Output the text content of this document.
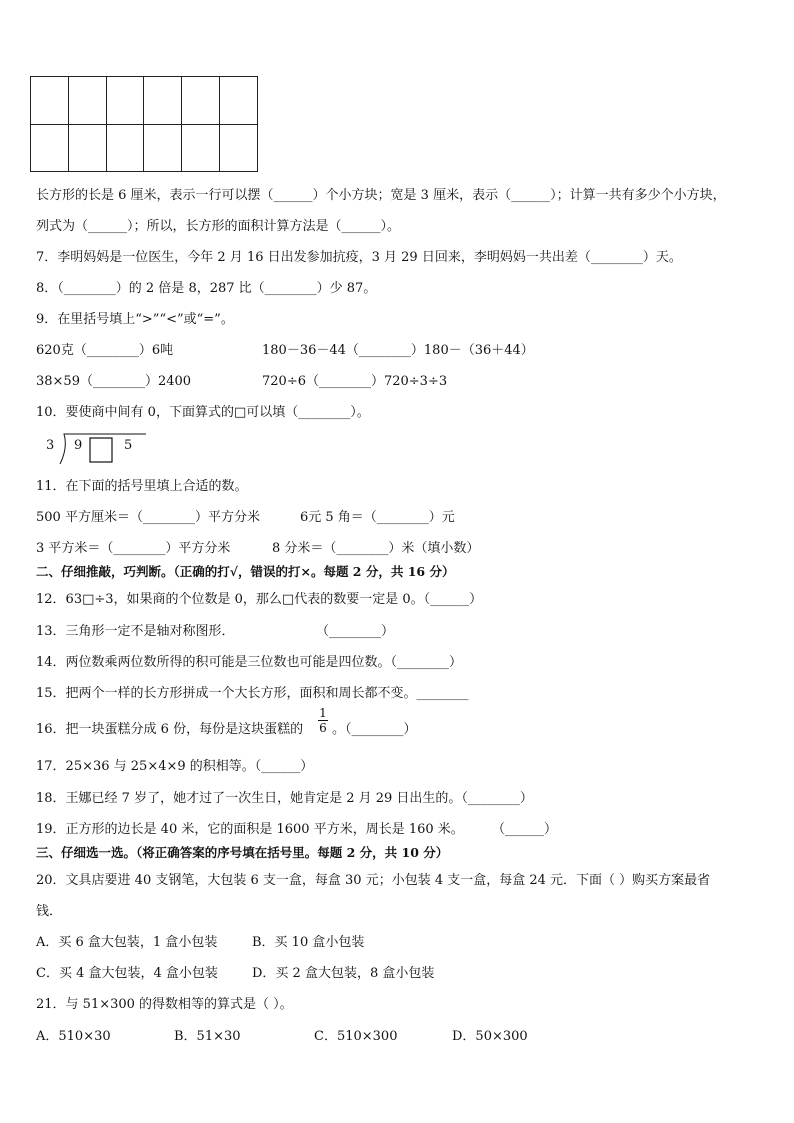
长方形的长是 6 厘米，表示一行可以摆（______）个小方块；宽是 3 厘米，表示（______）；计算一共有多少个小方块，
列式为（______）；所以，长方形的面积计算方法是（______）。
7．李明妈妈是一位医生，今年 2 月 16 日出发参加抗疫，3 月 29 日回来，李明妈妈一共出差（________）天。
8．（________）的 2 倍是 8，287 比（________）少 87。
9．在里括号填上“>”“<”或“=”。
620克（________）6吨	180－36－44（________）180－（36＋44）
38×59（________）2400	720÷6（________）720÷3÷3
10．要使商中间有 0，下面算式的□可以填（________）。
3 9	5
11．在下面的括号里填上合适的数。
500 平方厘米＝（________）平方分米	6元 5 角＝（________）元
3 平方米＝（________）平方分米	8 分米＝（________）米（填小数）
二、仔细推敲，巧判断。（正确的打√，错误的打×。每题 2 分，共 16 分）
12．63□÷3，如果商的个位数是 0，那么□代表的数要一定是 0。（______）
13．三角形一定不是轴对称图形．	（________）
14．两位数乘两位数所得的积可能是三位数也可能是四位数。（________）
15．把两个一样的长方形拼成一个大长方形，面积和周长都不变。________
16．把一块蛋糕分成 6 份，每份是这块蛋糕的
1
6 。（________）
17．25×36 与 25×4×9 的积相等。（______）
18．王娜已经 7 岁了，她才过了一次生日，她肯定是 2 月 29 日出生的。（________）
19．正方形的边长是 40 米，它的面积是 1600 平方米，周长是 160 米。 （______）
三、仔细选一选。（将正确答案的序号填在括号里。每题 2 分，共 10 分）
20．文具店要进 40 支钢笔，大包装 6 支一盒，每盒 30 元；小包装 4 支一盒，每盒 24 元．下面（ ）购买方案最省
钱．
A．买 6 盒大包装，1 盒小包装	B．买 10 盒小包装
C．买 4 盒大包装，4 盒小包装	D．买 2 盒大包装，8 盒小包装
21．与 51×300 的得数相等的算式是（ ）。
A．510×30	B．51×30	C．510×300	D．50×300
